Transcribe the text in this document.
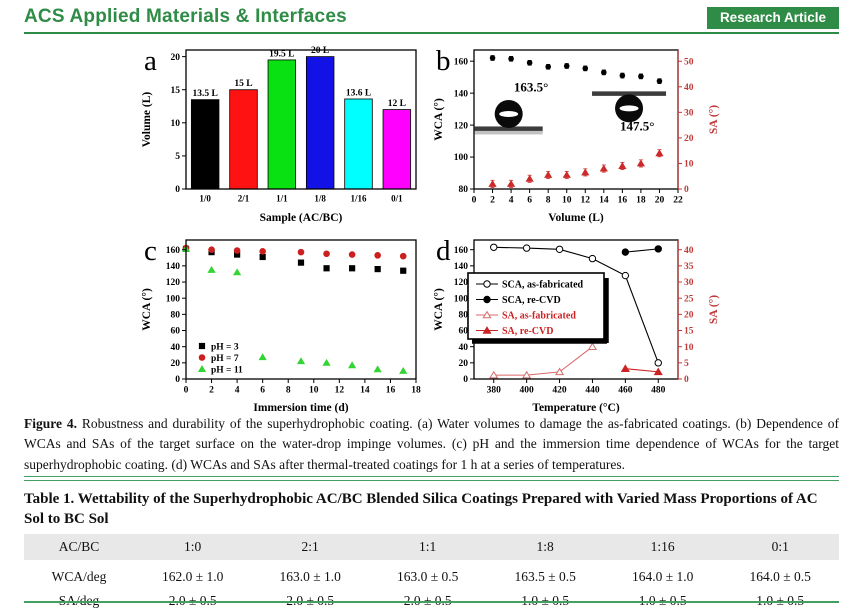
ACS Applied Materials & Interfaces	Research Article
13.5 L
1/0
15 L
2/1
19.5 L
1/1
20 L
1/8
13.6 L
1/16
12 L
0/1
0
5
10
15
20
Sample (AC/BC)
Volume (L)
a
163.5°
147.5°
80
100
120
140
160
0 2 4 6 8 10 12 14 16 18 20 22
0
10
20
30
40
50
Volume (L)
WCA (°)	SA (°)
b
0
20
40
60
80
100
120
140
160
0 2 4 6 8 10 12 14 16 18
Immersion time (d)
WCA (°)
pH = 3
pH = 7
pH = 11
c
0
20
40
60
80
100
120
140
160
380 400 420 440 460 480
0
5
10
15
20
25
30
35
40
Temperature (°C)
WCA (°)	SA (°)
SCA, as-fabricated
SCA, re-CVD
SA, as-fabricated
SA, re-CVD
d

Figure 4. Robustness and durability of the superhydrophobic coating. (a) Water volumes to damage the as-fabricated coatings. (b) Dependence of WCAs and SAs of the target surface on the water-drop impinge volumes. (c) pH and the immersion time dependence of WCAs for the target superhydrophobic coating. (d) WCAs and SAs after thermal-treated coatings for 1 h at a series of temperatures.

Table 1. Wettability of the Superhydrophobic AC/BC Blended Silica Coatings Prepared with Varied Mass Proportions of AC Sol to BC Sol
AC/BC	1:0	2:1	1:1	1:8	1:16	0:1
WCA/deg	162.0 ± 1.0	163.0 ± 1.0	163.0 ± 0.5	163.5 ± 0.5	164.0 ± 1.0	164.0 ± 0.5
SA/deg	2.0 ± 0.5	2.0 ± 0.5	2.0 ± 0.5	1.0 ± 0.5	1.0 ± 0.5	1.0 ± 0.5
